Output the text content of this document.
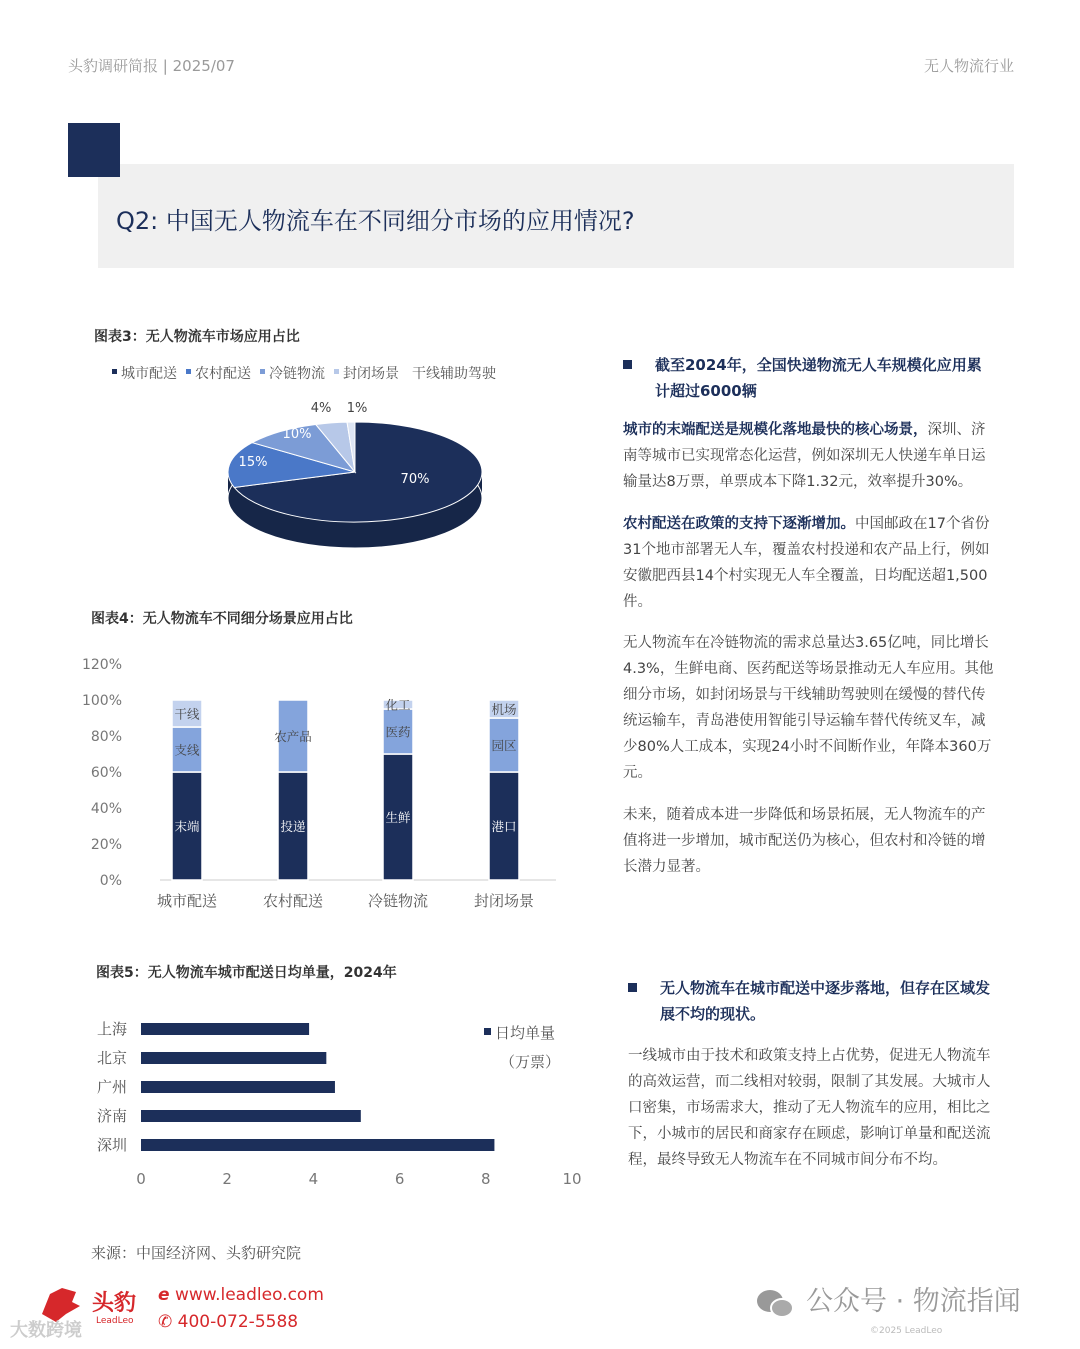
头豹调研简报 | 2025/07	无人物流行业
Q2: 中国无人物流车在不同细分市场的应用情况?
图表3：无人物流车市场应用占比
图表4：无人物流车不同细分场景应用占比
图表5：无人物流车城市配送日均单量，2024年
城市配送 农村配送 冷链物流 封闭场景 干线辅助驾驶
70%
15%
10%
4% 1%
0%
20%
40%
60%
80%
100%
120%
末端
支线
干线
城市配送
投递
农产品
农村配送
生鲜
医药
化工
冷链物流
港口
园区
机场
封闭场景
上海
北京
广州
济南
深圳
0	2	4	6	8	10
日均单量
（万票）
截至2024年，全国快递物流无人车规模化应用累计超过6000辆
城市的末端配送是规模化落地最快的核心场景，深圳、济南等城市已实现常态化运营，例如深圳无人快递车单日运输量达8万票，单票成本下降1.32元，效率提升30%。
农村配送在政策的支持下逐渐增加。中国邮政在17个省份31个地市部署无人车，覆盖农村投递和农产品上行，例如安徽肥西县14个村实现无人车全覆盖，日均配送超1,500件。
无人物流车在冷链物流的需求总量达3.65亿吨，同比增长4.3%，生鲜电商、医药配送等场景推动无人车应用。其他细分市场，如封闭场景与干线辅助驾驶则在缓慢的替代传统运输车，青岛港使用智能引导运输车替代传统叉车，减少80%人工成本，实现24小时不间断作业，年降本360万元。
未来，随着成本进一步降低和场景拓展，无人物流车的产值将进一步增加，城市配送仍为核心，但农村和冷链的增长潜力显著。
无人物流车在城市配送中逐步落地，但存在区域发展不均的现状。
一线城市由于技术和政策支持上占优势，促进无人物流车的高效运营，而二线相对较弱，限制了其发展。大城市人口密集，市场需求大，推动了无人物流车的应用，相比之下，小城市的居民和商家存在顾虑，影响订单量和配送流程，最终导致无人物流车在不同城市间分布不均。
来源：中国经济网、头豹研究院
头豹
LeadLeo
大数跨境
e www.leadleo.com
✆ 400-072-5588
公众号 · 物流指闻
©2025 LeadLeo
